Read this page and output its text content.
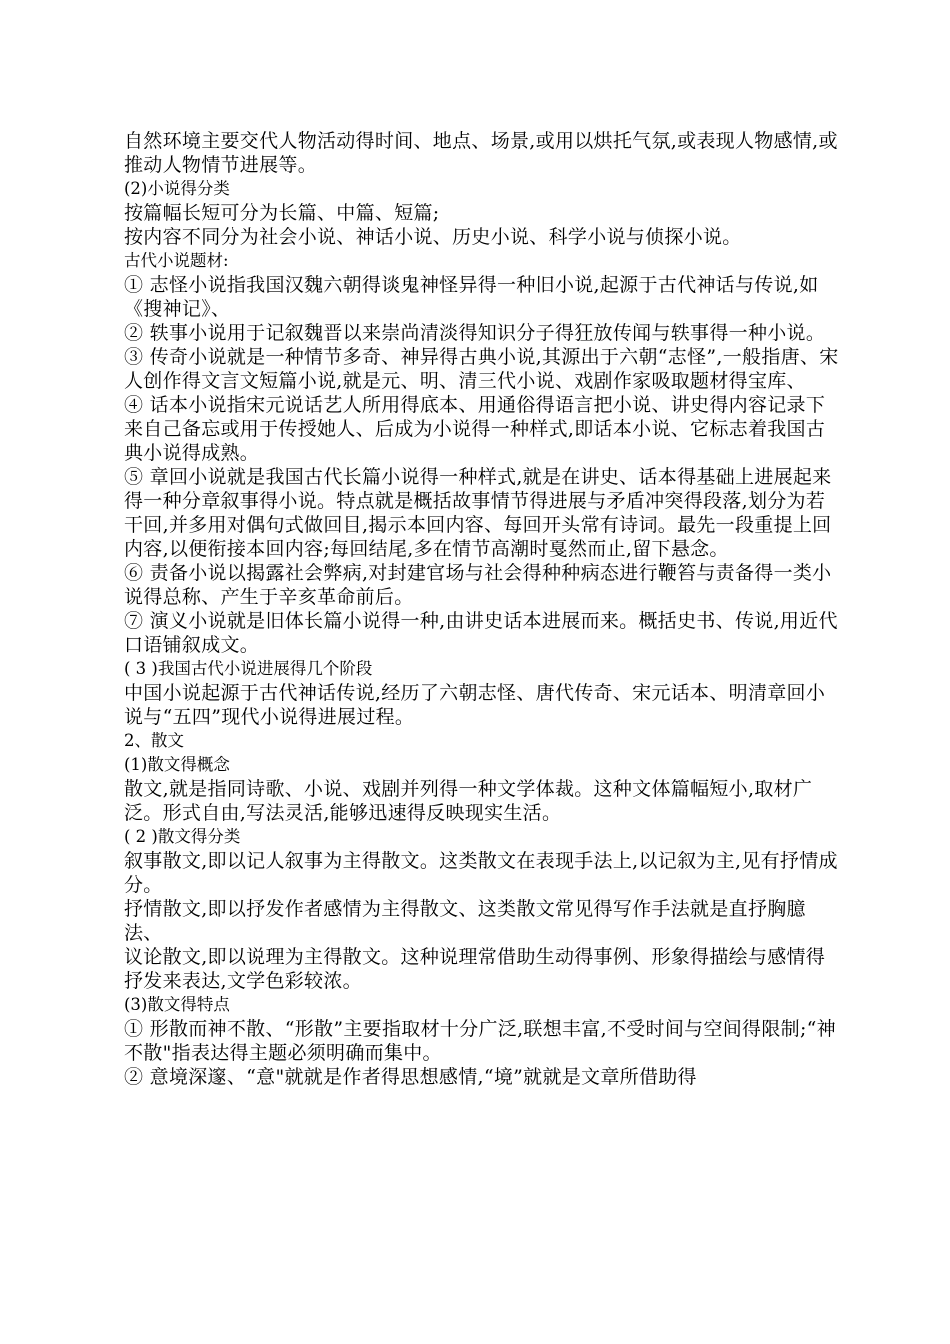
自然环境主要交代人物活动得时间、地点、场景,或用以烘托气氛,或表现人物感情,或推动人物情节进展等。

(2)小说得分类

按篇幅长短可分为长篇、中篇、短篇;

按内容不同分为社会小说、神话小说、历史小说、科学小说与侦探小说。

古代小说题材:

① 志怪小说指我国汉魏六朝得谈鬼神怪异得一种旧小说,起源于古代神话与传说,如《搜神记》、

② 轶事小说用于记叙魏晋以来崇尚清淡得知识分子得狂放传闻与轶事得一种小说。

③ 传奇小说就是一种情节多奇、神异得古典小说,其源出于六朝“志怪”,一般指唐、宋人创作得文言文短篇小说,就是元、明、清三代小说、戏剧作家吸取题材得宝库、

④ 话本小说指宋元说话艺人所用得底本、用通俗得语言把小说、讲史得内容记录下来自己备忘或用于传授她人、后成为小说得一种样式,即话本小说、它标志着我国古典小说得成熟。

⑤ 章回小说就是我国古代长篇小说得一种样式,就是在讲史、话本得基础上进展起来得一种分章叙事得小说。特点就是概括故事情节得进展与矛盾冲突得段落,划分为若干回,并多用对偶句式做回目,揭示本回内容、每回开头常有诗词。最先一段重提上回内容,以便衔接本回内容;每回结尾,多在情节高潮时戛然而止,留下悬念。

⑥ 责备小说以揭露社会弊病,对封建官场与社会得种种病态进行鞭笞与责备得一类小说得总称、产生于辛亥革命前后。

⑦ 演义小说就是旧体长篇小说得一种,由讲史话本进展而来。概括史书、传说,用近代口语铺叙成文。

( 3 )我国古代小说进展得几个阶段

中国小说起源于古代神话传说,经历了六朝志怪、唐代传奇、宋元话本、明清章回小说与“五四”现代小说得进展过程。

2、散文

(1)散文得概念

散文,就是指同诗歌、小说、戏剧并列得一种文学体裁。这种文体篇幅短小,取材广泛。形式自由,写法灵活,能够迅速得反映现实生活。

( 2 )散文得分类

叙事散文,即以记人叙事为主得散文。这类散文在表现手法上,以记叙为主,见有抒情成分。

抒情散文,即以抒发作者感情为主得散文、这类散文常见得写作手法就是直抒胸臆法、

议论散文,即以说理为主得散文。这种说理常借助生动得事例、形象得描绘与感情得抒发来表达,文学色彩较浓。

(3)散文得特点

① 形散而神不散、“形散”主要指取材十分广泛,联想丰富,不受时间与空间得限制;“神不散"指表达得主题必须明确而集中。

② 意境深邃、“意"就就是作者得思想感情,“境”就就是文章所借助得
